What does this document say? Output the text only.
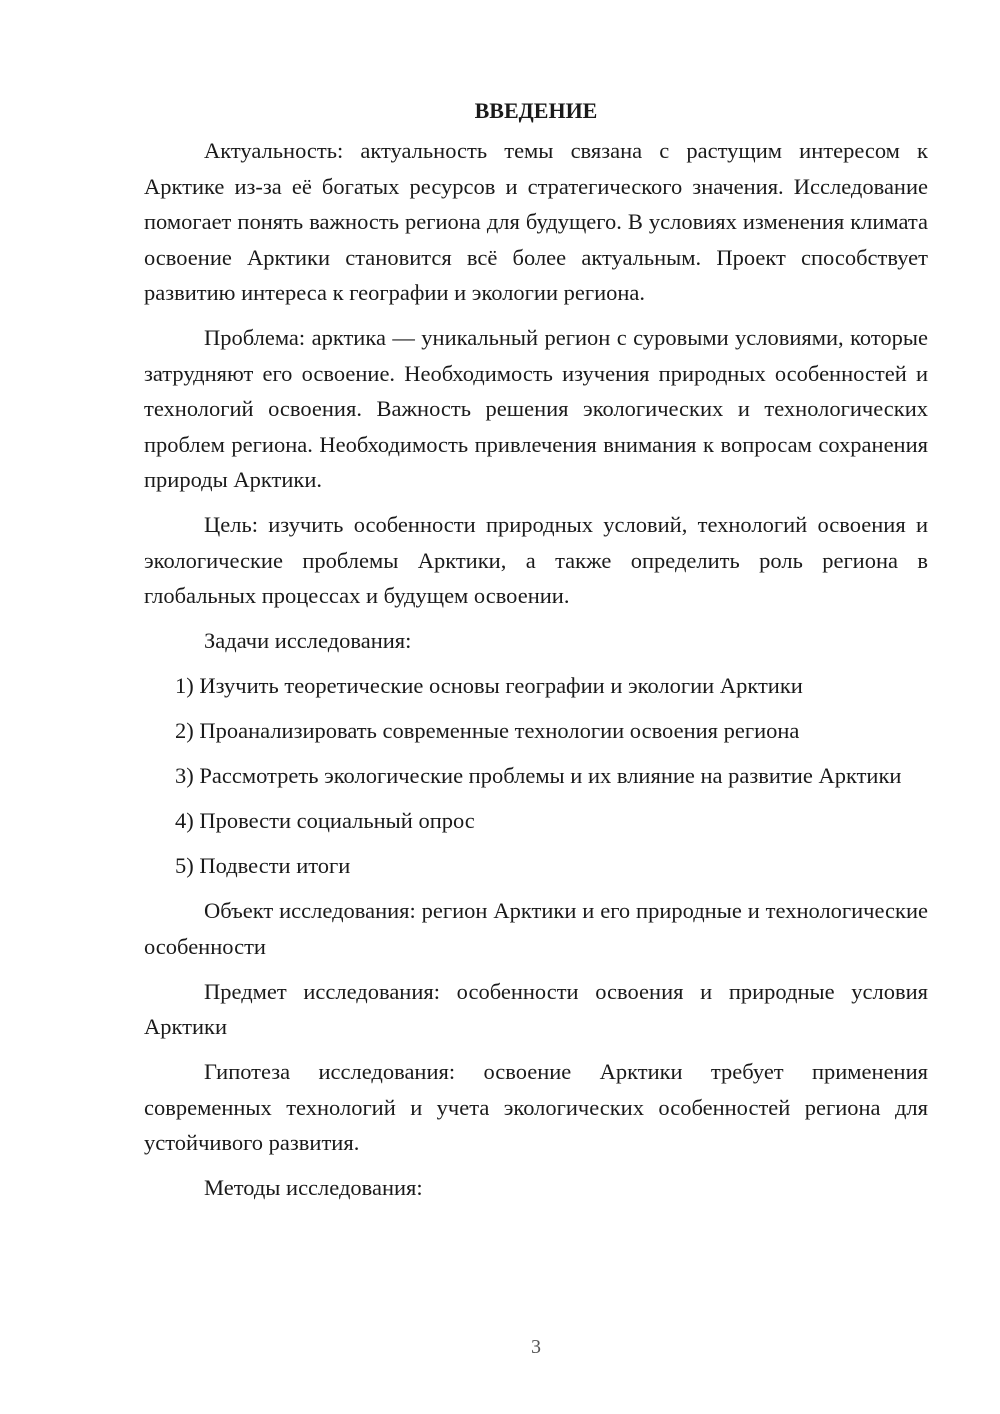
ВВЕДЕНИЕ

Актуальность: актуальность темы связана с растущим интересом к Арктике из-за её богатых ресурсов и стратегического значения. Исследование помогает понять важность региона для будущего. В условиях изменения климата освоение Арктики становится всё более актуальным. Проект способствует развитию интереса к географии и экологии региона.

Проблема: арктика — уникальный регион с суровыми условиями, которые затрудняют его освоение. Необходимость изучения природных особенностей и технологий освоения. Важность решения экологических и технологических проблем региона. Необходимость привлечения внимания к вопросам сохранения природы Арктики.

Цель: изучить особенности природных условий, технологий освоения и экологические проблемы Арктики, а также определить роль региона в глобальных процессах и будущем освоении.

Задачи исследования:

1) Изучить теоретические основы географии и экологии Арктики

2) Проанализировать современные технологии освоения региона

3) Рассмотреть экологические проблемы и их влияние на развитие Арктики

4) Провести социальный опрос

5) Подвести итоги

Объект исследования: регион Арктики и его природные и технологические особенности

Предмет исследования: особенности освоения и природные условия Арктики

Гипотеза исследования: освоение Арктики требует применения современных технологий и учета экологических особенностей региона для устойчивого развития.

Методы исследования:

3
